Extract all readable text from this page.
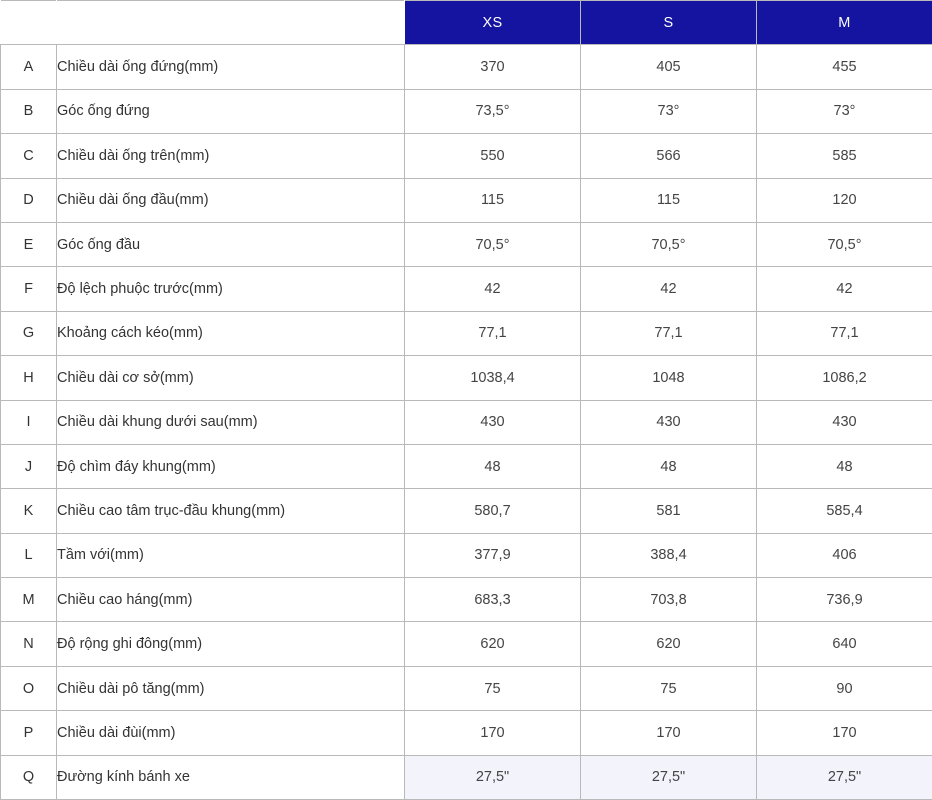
		XS	S	M
A	Chiều dài ống đứng(mm)	370	405	455
B	Góc ống đứng	73,5°	73°	73°
C	Chiều dài ống trên(mm)	550	566	585
D	Chiều dài ống đầu(mm)	115	115	120
E	Góc ống đầu	70,5°	70,5°	70,5°
F	Độ lệch phuộc trước(mm)	42	42	42
G	Khoảng cách kéo(mm)	77,1	77,1	77,1
H	Chiều dài cơ sở(mm)	1038,4	1048	1086,2
I	Chiều dài khung dưới sau(mm)	430	430	430
J	Độ chìm đáy khung(mm)	48	48	48
K	Chiều cao tâm trục-đầu khung(mm)	580,7	581	585,4
L	Tầm với(mm)	377,9	388,4	406
M	Chiều cao háng(mm)	683,3	703,8	736,9
N	Độ rộng ghi đông(mm)	620	620	640
O	Chiều dài pô tăng(mm)	75	75	90
P	Chiều dài đùi(mm)	170	170	170
Q	Đường kính bánh xe	27,5"	27,5"	27,5"
